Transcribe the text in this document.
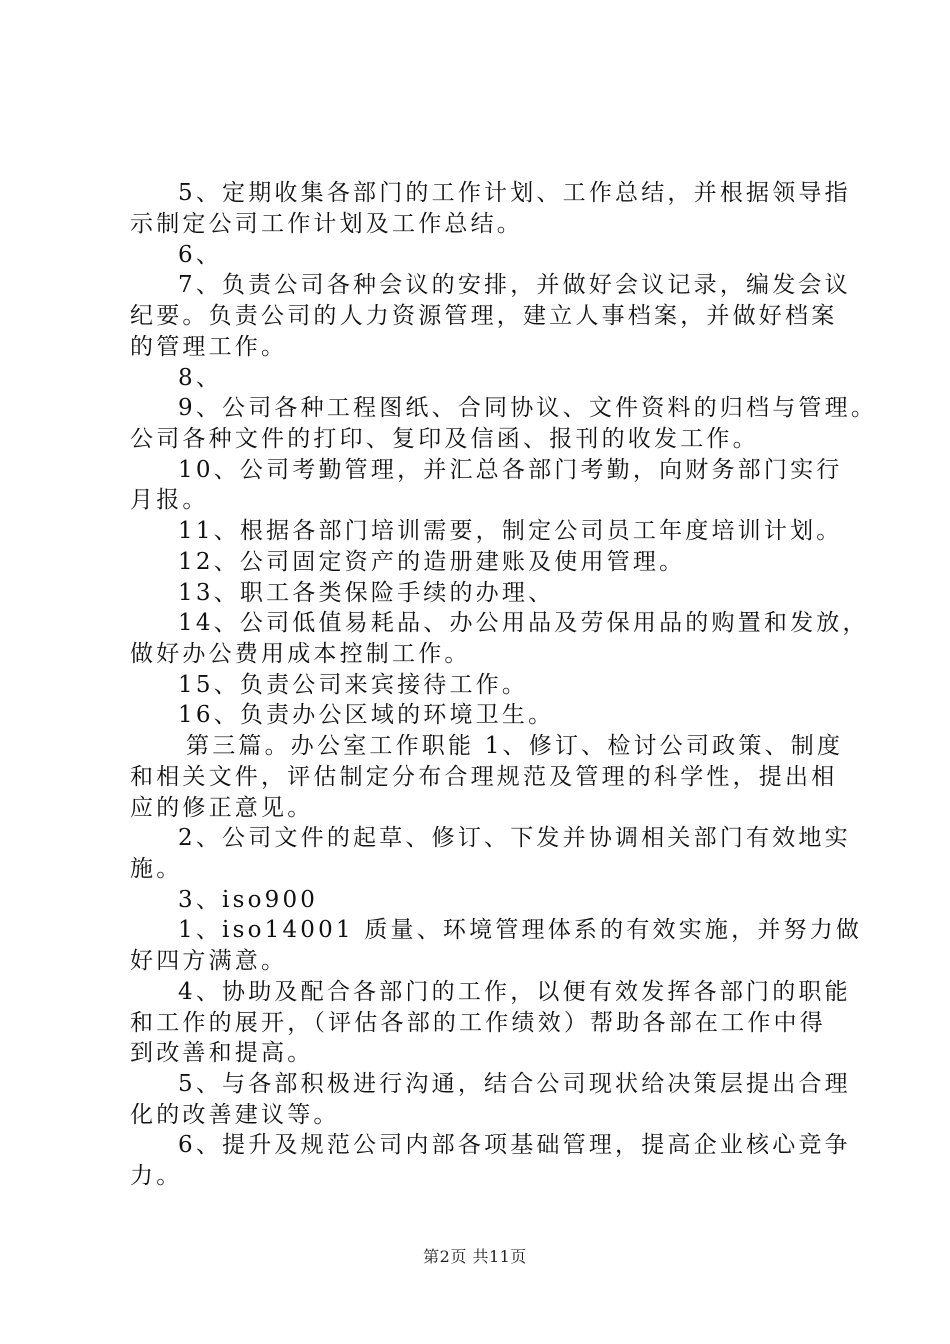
5、定期收集各部门的工作计划、工作总结，并根据领导指
示制定公司工作计划及工作总结。
6、
7、负责公司各种会议的安排，并做好会议记录，编发会议
纪要。负责公司的人力资源管理，建立人事档案，并做好档案
的管理工作。
8、
9、公司各种工程图纸、合同协议、文件资料的归档与管理。
公司各种文件的打印、复印及信函、报刊的收发工作。
10、公司考勤管理，并汇总各部门考勤，向财务部门实行
月报。
11、根据各部门培训需要，制定公司员工年度培训计划。
12、公司固定资产的造册建账及使用管理。
13、职工各类保险手续的办理、
14、公司低值易耗品、办公用品及劳保用品的购置和发放，
做好办公费用成本控制工作。
15、负责公司来宾接待工作。
16、负责办公区域的环境卫生。
第三篇。办公室工作职能 1、修订、检讨公司政策、制度
和相关文件，评估制定分布合理规范及管理的科学性，提出相
应的修正意见。
2、公司文件的起草、修订、下发并协调相关部门有效地实
施。
3、iso900
1、iso14001 质量、环境管理体系的有效实施，并努力做
好四方满意。
4、协助及配合各部门的工作，以便有效发挥各部门的职能
和工作的展开，（评估各部的工作绩效）帮助各部在工作中得
到改善和提高。
5、与各部积极进行沟通，结合公司现状给决策层提出合理
化的改善建议等。
6、提升及规范公司内部各项基础管理，提高企业核心竞争
力。
第2页 共11页
